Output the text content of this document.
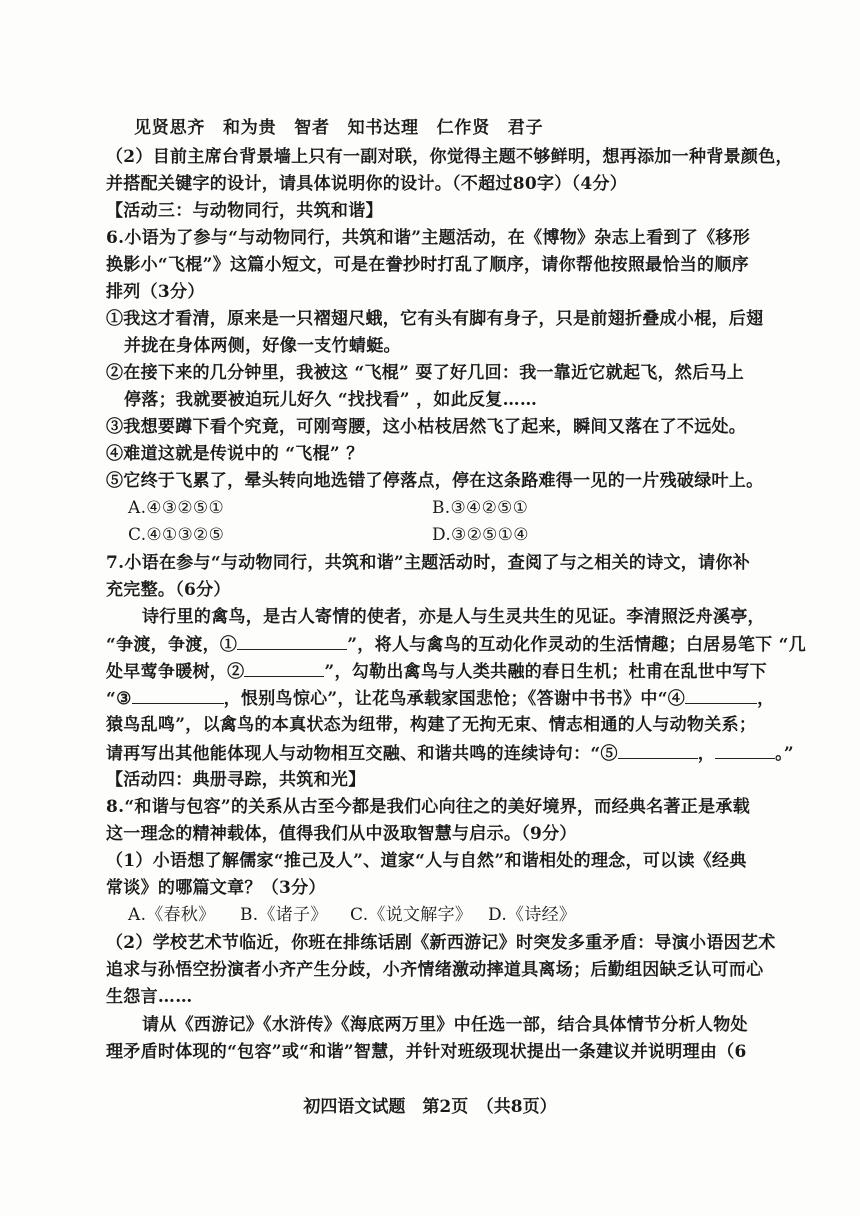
见贤思齐　和为贵　智者　知书达理　仁作贤　君子
（2）目前主席台背景墙上只有一副对联，你觉得主题不够鲜明，想再添加一种背景颜色，
并搭配关键字的设计，请具体说明你的设计。（不超过80字）（4分）
【活动三：与动物同行，共筑和谐】
6.小语为了参与“与动物同行，共筑和谐”主题活动，在《博物》杂志上看到了《移形
换影小“飞棍”》这篇小短文，可是在誊抄时打乱了顺序，请你帮他按照最恰当的顺序
排列（3分）
①我这才看清，原来是一只褶翅尺蛾，它有头有脚有身子，只是前翅折叠成小棍，后翅
并拢在身体两侧，好像一支竹蜻蜓。
②在接下来的几分钟里，我被这 “飞棍” 耍了好几回：我一靠近它就起飞，然后马上
停落；我就要被迫玩儿好久 “找找看” ，如此反复……
③我想要蹲下看个究竟，可刚弯腰，这小枯枝居然飞了起来，瞬间又落在了不远处。
④难道这就是传说中的 “飞棍” ？
⑤它终于飞累了，晕头转向地选错了停落点，停在这条路难得一见的一片残破绿叶上。
A.④③②⑤①	B.③④②⑤①
C.④①③②⑤	D.③②⑤①④
7.小语在参与“与动物同行，共筑和谐”主题活动时，查阅了与之相关的诗文，请你补
充完整。（6分）
诗行里的禽鸟，是古人寄情的使者，亦是人与生灵共生的见证。李清照泛舟溪亭，
“争渡，争渡，①	”，将人与禽鸟的互动化作灵动的生活情趣；白居易笔下 “几
处早莺争暖树，②	”，勾勒出禽鸟与人类共融的春日生机；杜甫在乱世中写下
“③	，恨别鸟惊心”，让花鸟承载家国悲怆；《答谢中书书》中“④	，
猿鸟乱鸣”，以禽鸟的本真状态为纽带，构建了无拘无束、情志相通的人与动物关系；
请再写出其他能体现人与动物相互交融、和谐共鸣的连续诗句：“⑤	，	。”
【活动四：典册寻踪，共筑和光】
8.“和谐与包容”的关系从古至今都是我们心向往之的美好境界，而经典名著正是承载
这一理念的精神载体，值得我们从中汲取智慧与启示。（9分）
（1）小语想了解儒家“推己及人”、道家“人与自然”和谐相处的理念，可以读《经典
常谈》的哪篇文章？（3分）
A.《春秋》 B.《诸子》 C.《说文解字》 D.《诗经》
（2）学校艺术节临近，你班在排练话剧《新西游记》时突发多重矛盾：导演小语因艺术
追求与孙悟空扮演者小齐产生分歧，小齐情绪激动摔道具离场；后勤组因缺乏认可而心
生怨言……
请从《西游记》《水浒传》《海底两万里》中任选一部，结合具体情节分析人物处
理矛盾时体现的“包容”或“和谐”智慧，并针对班级现状提出一条建议并说明理由（6
初四语文试题　第2页　（共8页）
